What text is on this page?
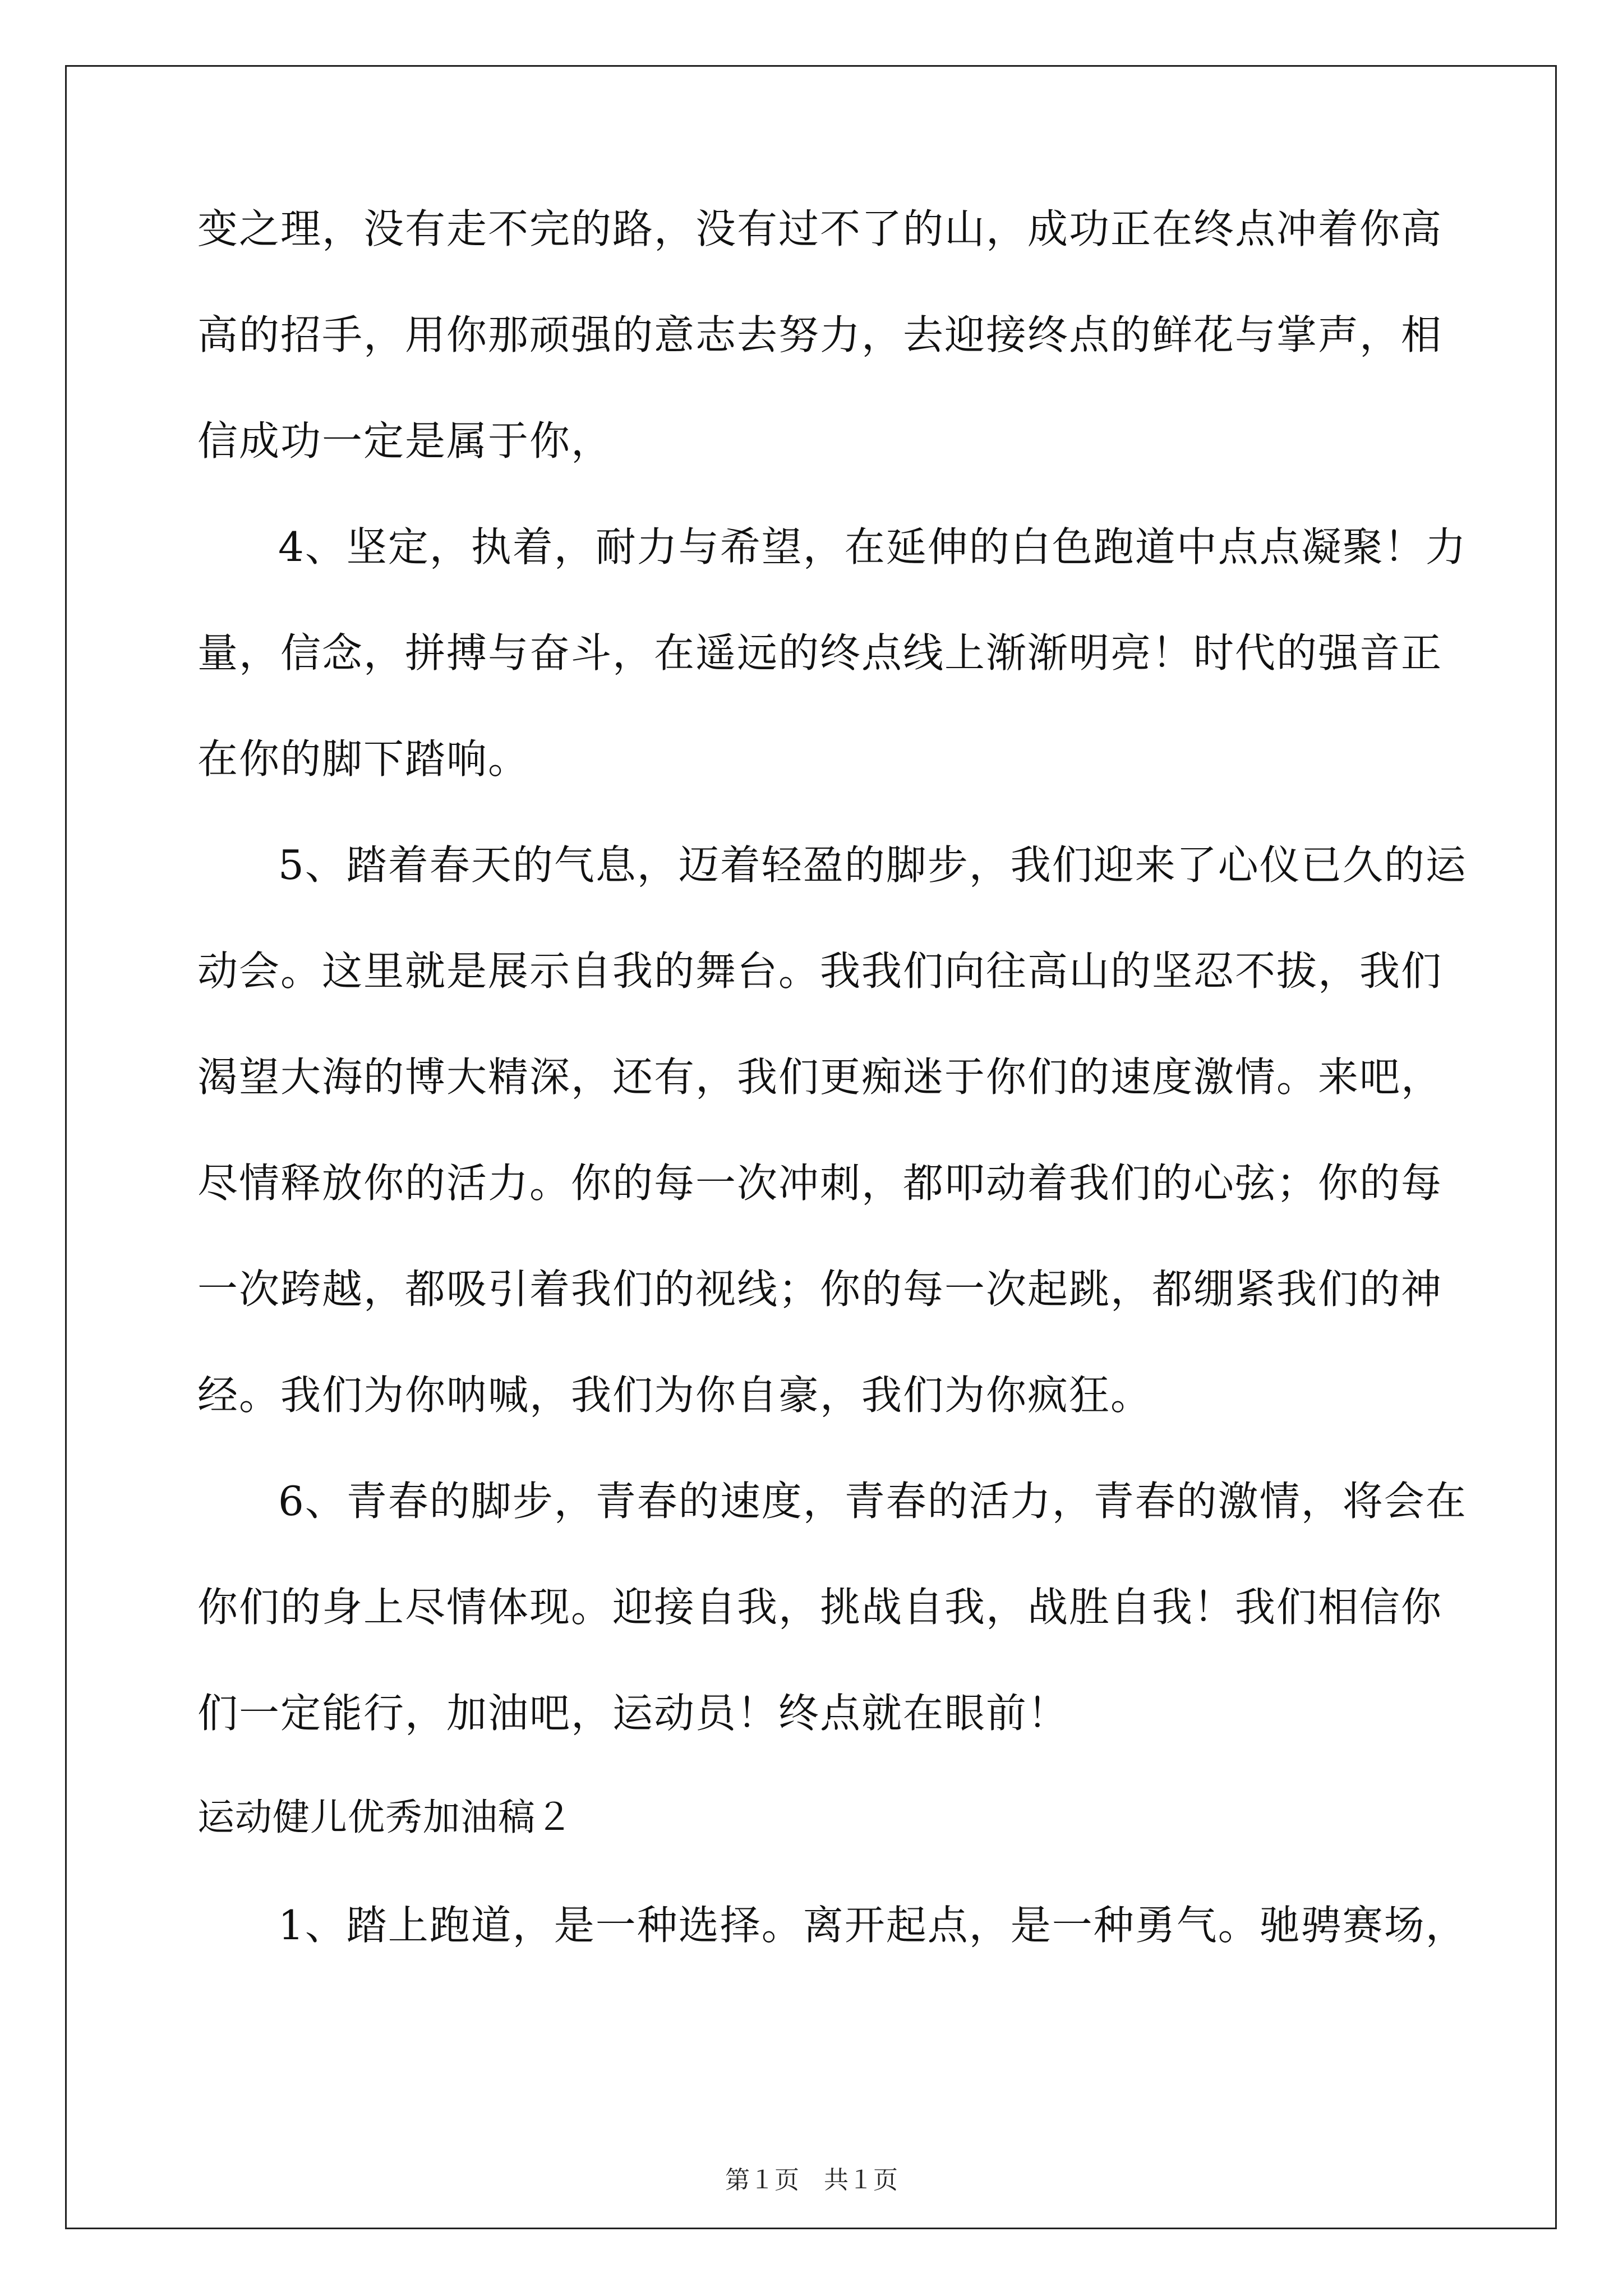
变之理，没有走不完的路，没有过不了的山，成功正在终点冲着你高
高的招手，用你那顽强的意志去努力，去迎接终点的鲜花与掌声，相
信成功一定是属于你，
4、坚定，执着，耐力与希望，在延伸的白色跑道中点点凝聚！力
量，信念，拼搏与奋斗，在遥远的终点线上渐渐明亮！时代的强音正
在你的脚下踏响。
5、踏着春天的气息，迈着轻盈的脚步，我们迎来了心仪已久的运
动会。这里就是展示自我的舞台。我我们向往高山的坚忍不拔，我们
渴望大海的博大精深，还有，我们更痴迷于你们的速度激情。来吧，
尽情释放你的活力。你的每一次冲刺，都叩动着我们的心弦；你的每
一次跨越，都吸引着我们的视线；你的每一次起跳，都绷紧我们的神
经。我们为你呐喊，我们为你自豪，我们为你疯狂。
6、青春的脚步，青春的速度，青春的活力，青春的激情，将会在
你们的身上尽情体现。迎接自我，挑战自我，战胜自我！我们相信你
们一定能行，加油吧，运动员！终点就在眼前！
运动健儿优秀加油稿２
1、踏上跑道，是一种选择。离开起点，是一种勇气。驰骋赛场，
第１页　共１页
